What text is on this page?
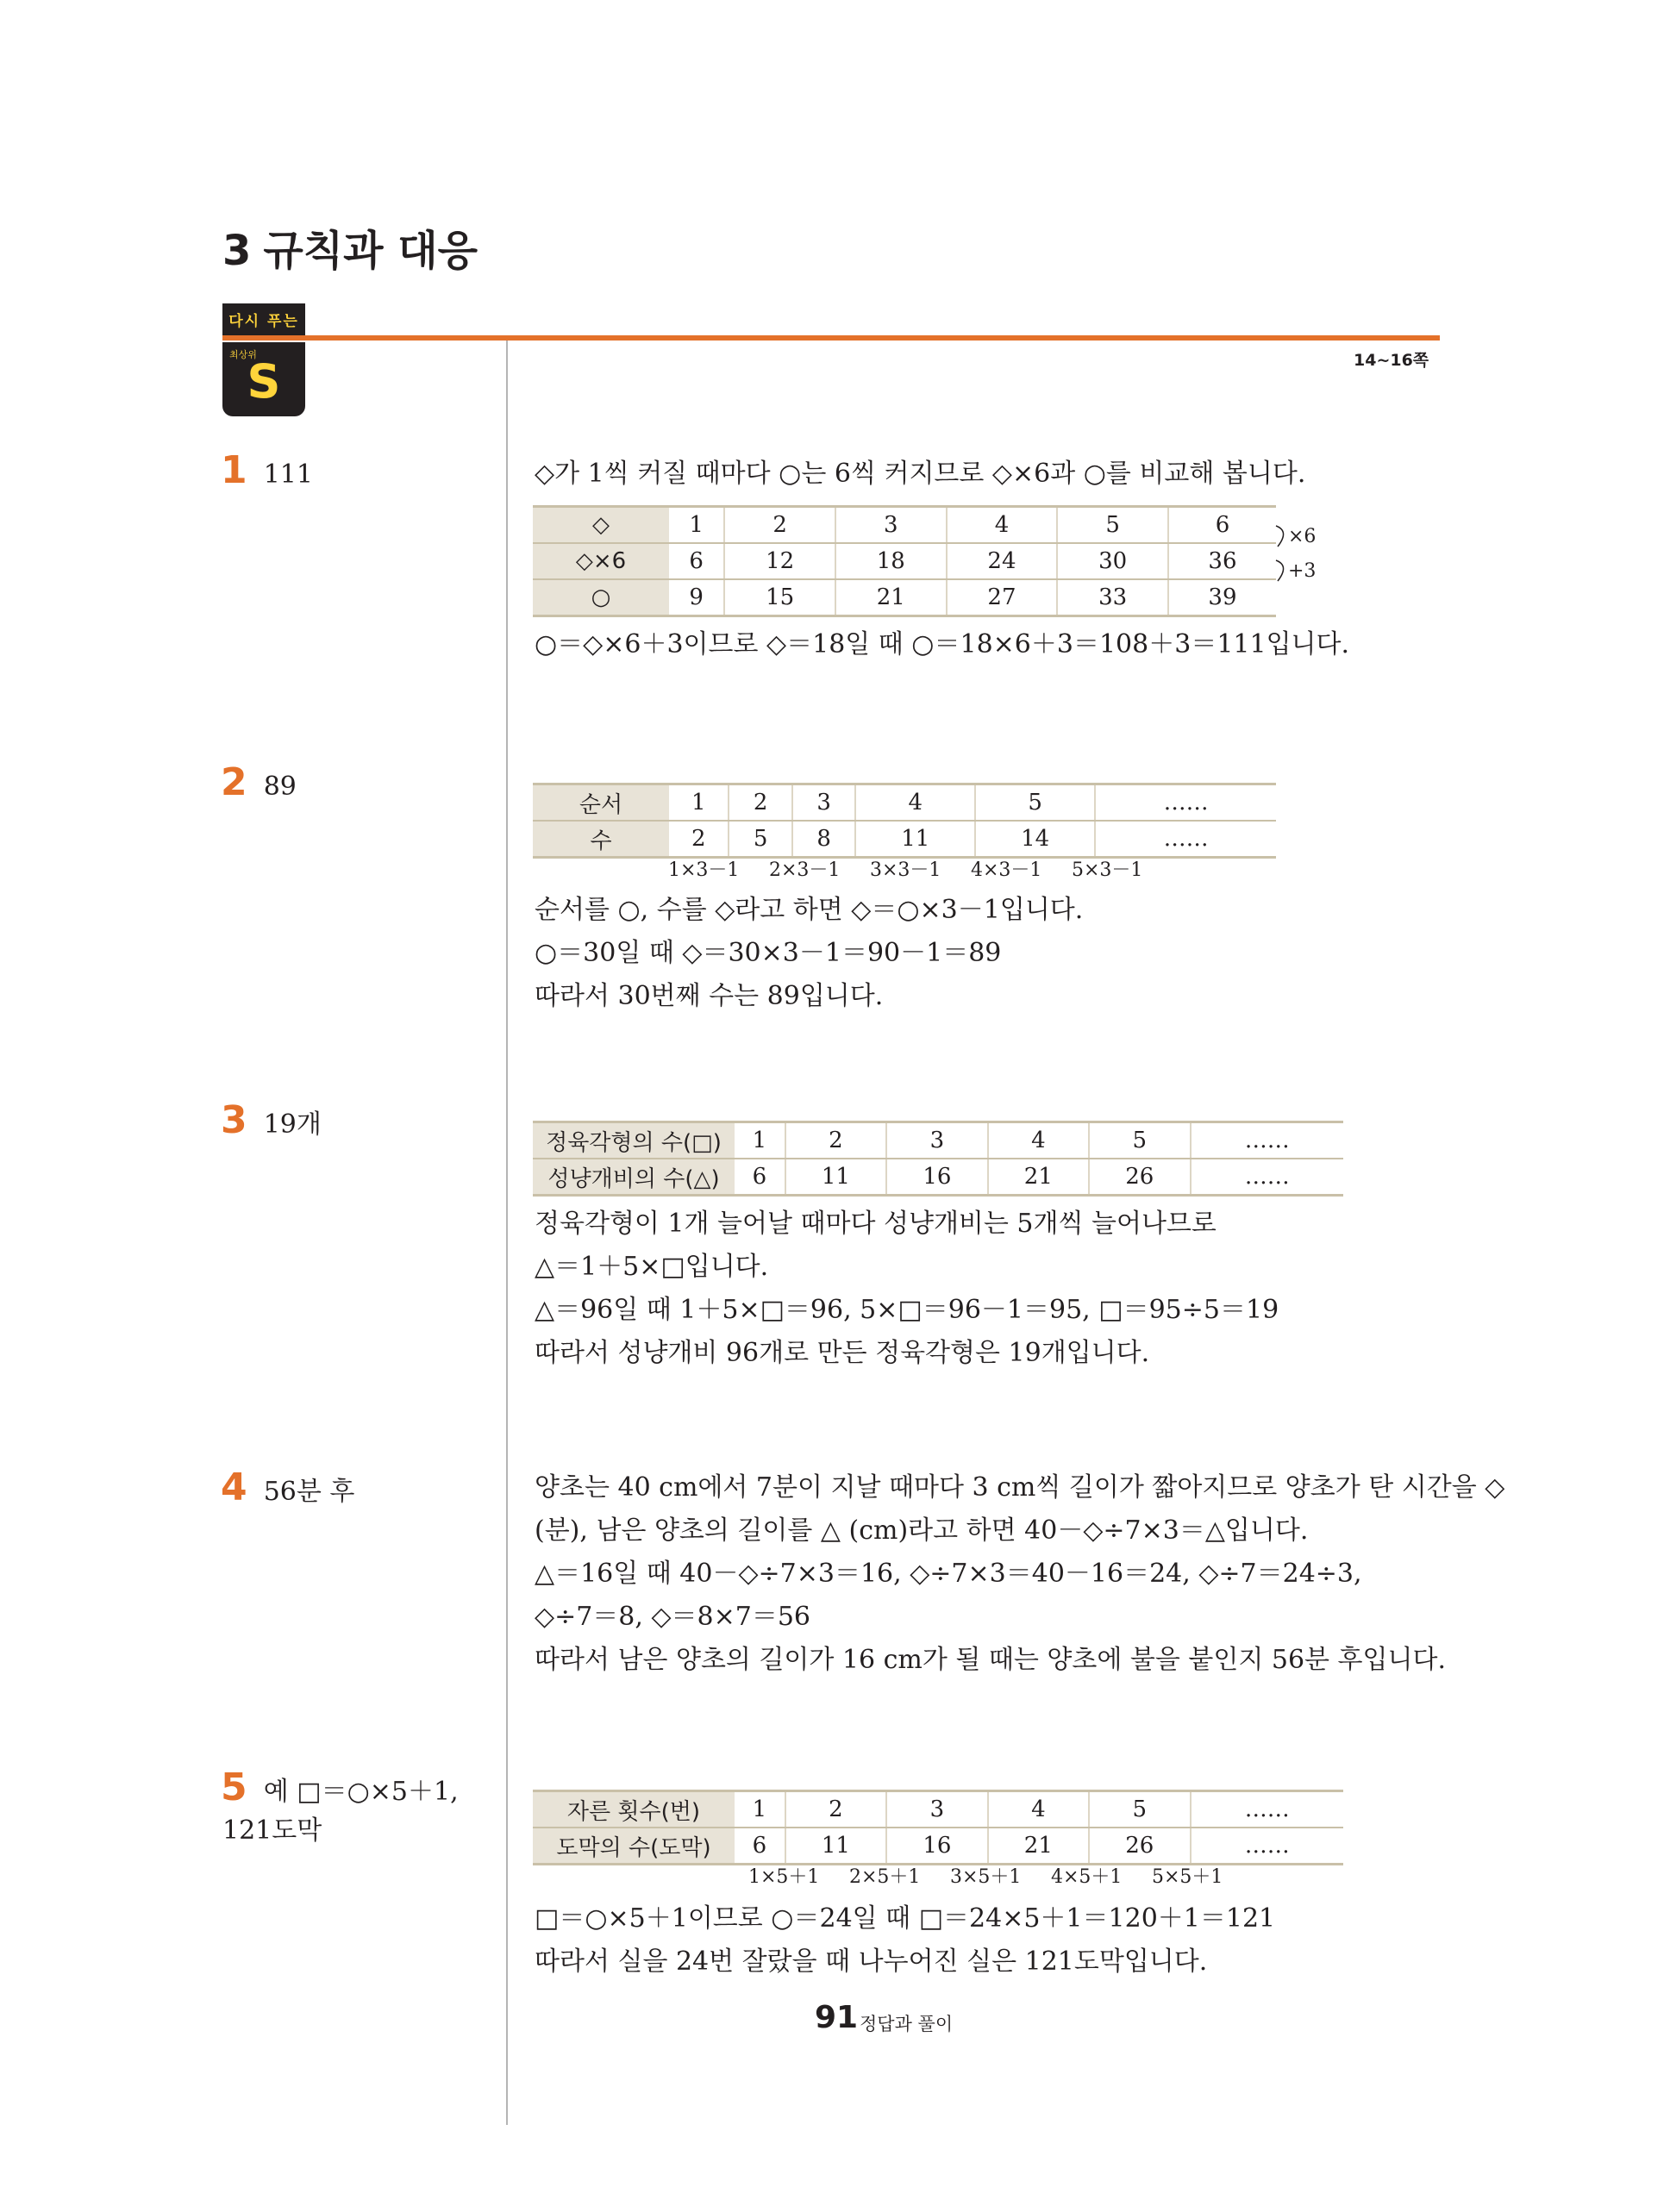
3 규칙과 대응
다시 푸는
최상위
S	14~16쪽
1 111	◇가 1씩 커질 때마다 ○는 6씩 커지므로 ◇×6과 ○를 비교해 봅니다.
◇	1	2	3	4	5	6
◇×6	6	12	18	24	30	36
○	9	15	21	27	33	39
×6
+3
○＝◇×6＋3이므로 ◇＝18일 때 ○＝18×6＋3＝108＋3＝111입니다.
2 89
순서	1	2	3	4	5	……
수	2	5	8	11	14	……
1×3－1 2×3－1 3×3－1 4×3－1 5×3－1
순서를 ○, 수를 ◇라고 하면 ◇＝○×3－1입니다.
○＝30일 때 ◇＝30×3－1＝90－1＝89
따라서 30번째 수는 89입니다.
3 19개
정육각형의 수(□)	1	2	3	4	5	……
성냥개비의 수(△)	6	11	16	21	26	……
정육각형이 1개 늘어날 때마다 성냥개비는 5개씩 늘어나므로
△＝1＋5×□입니다.
△＝96일 때 1＋5×□＝96, 5×□＝96－1＝95, □＝95÷5＝19
따라서 성냥개비 96개로 만든 정육각형은 19개입니다.
4 56분 후	양초는 40 cm에서 7분이 지날 때마다 3 cm씩 길이가 짧아지므로 양초가 탄 시간을 ◇
(분), 남은 양초의 길이를 △ (cm)라고 하면 40－◇÷7×3＝△입니다.
△＝16일 때 40－◇÷7×3＝16, ◇÷7×3＝40－16＝24, ◇÷7＝24÷3,
◇÷7＝8, ◇＝8×7＝56
따라서 남은 양초의 길이가 16 cm가 될 때는 양초에 불을 붙인지 56분 후입니다.
5 예 □＝○×5＋1,
121도막
자른 횟수(번)	1	2	3	4	5	……
도막의 수(도막)	6	11	16	21	26	……
1×5＋1 2×5＋1 3×5＋1 4×5＋1 5×5＋1
□＝○×5＋1이므로 ○＝24일 때 □＝24×5＋1＝120＋1＝121
따라서 실을 24번 잘랐을 때 나누어진 실은 121도막입니다.
91 정답과 풀이
